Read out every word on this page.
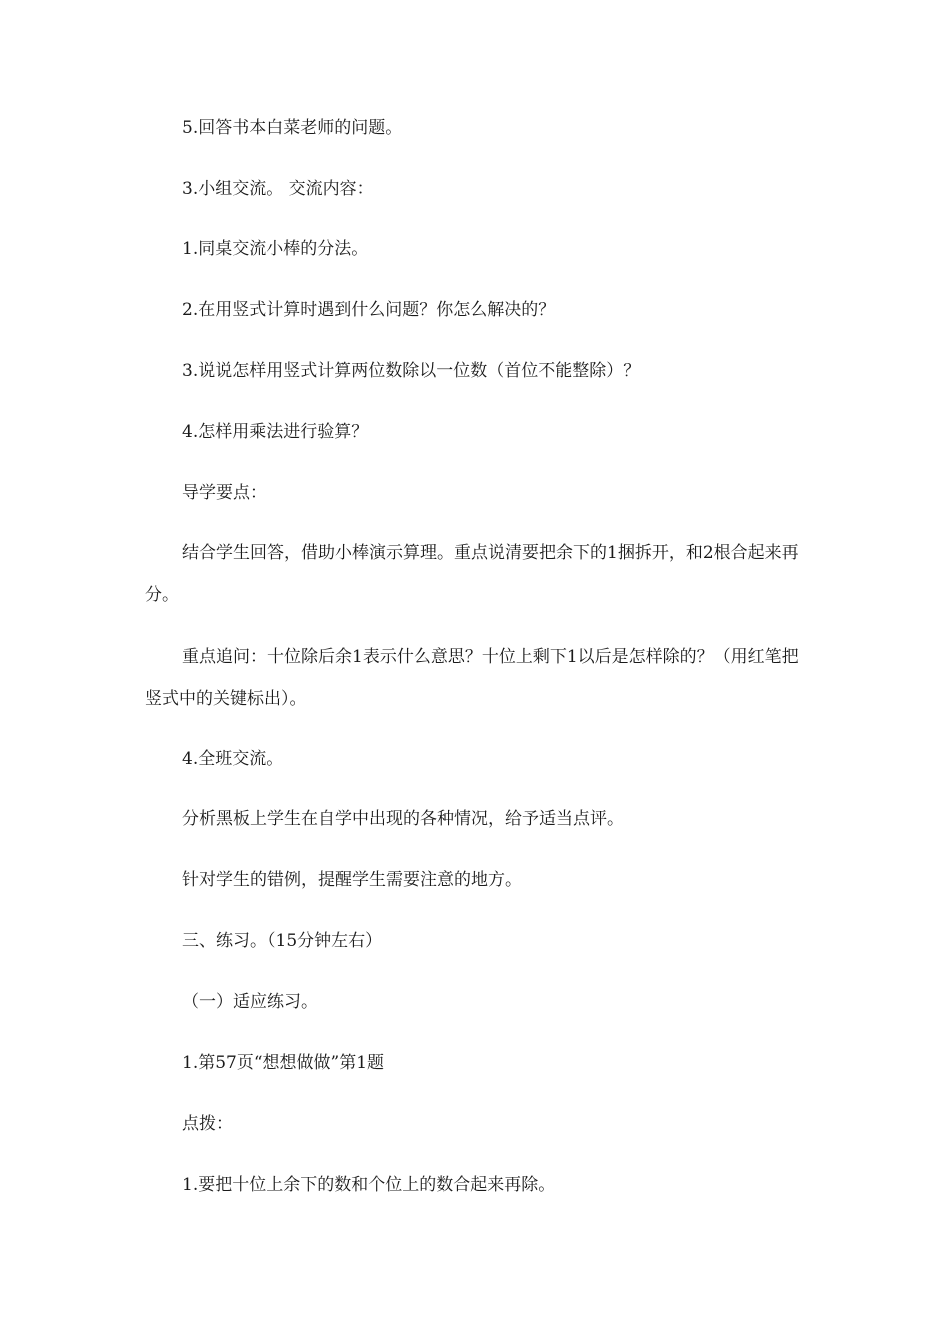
5.回答书本白菜老师的问题。

3.小组交流。 交流内容：

1.同桌交流小棒的分法。

2.在用竖式计算时遇到什么问题？你怎么解决的？

3.说说怎样用竖式计算两位数除以一位数（首位不能整除）？

4.怎样用乘法进行验算？

导学要点：

结合学生回答，借助小棒演示算理。重点说清要把余下的1捆拆开，和2根合起来再分。

重点追问：十位除后余1表示什么意思？十位上剩下1以后是怎样除的？（用红笔把竖式中的关键标出）。

4.全班交流。

分析黑板上学生在自学中出现的各种情况，给予适当点评。

针对学生的错例，提醒学生需要注意的地方。

三、练习。（15分钟左右）

（一）适应练习。

1.第57页“想想做做”第1题

点拨：

1.要把十位上余下的数和个位上的数合起来再除。
